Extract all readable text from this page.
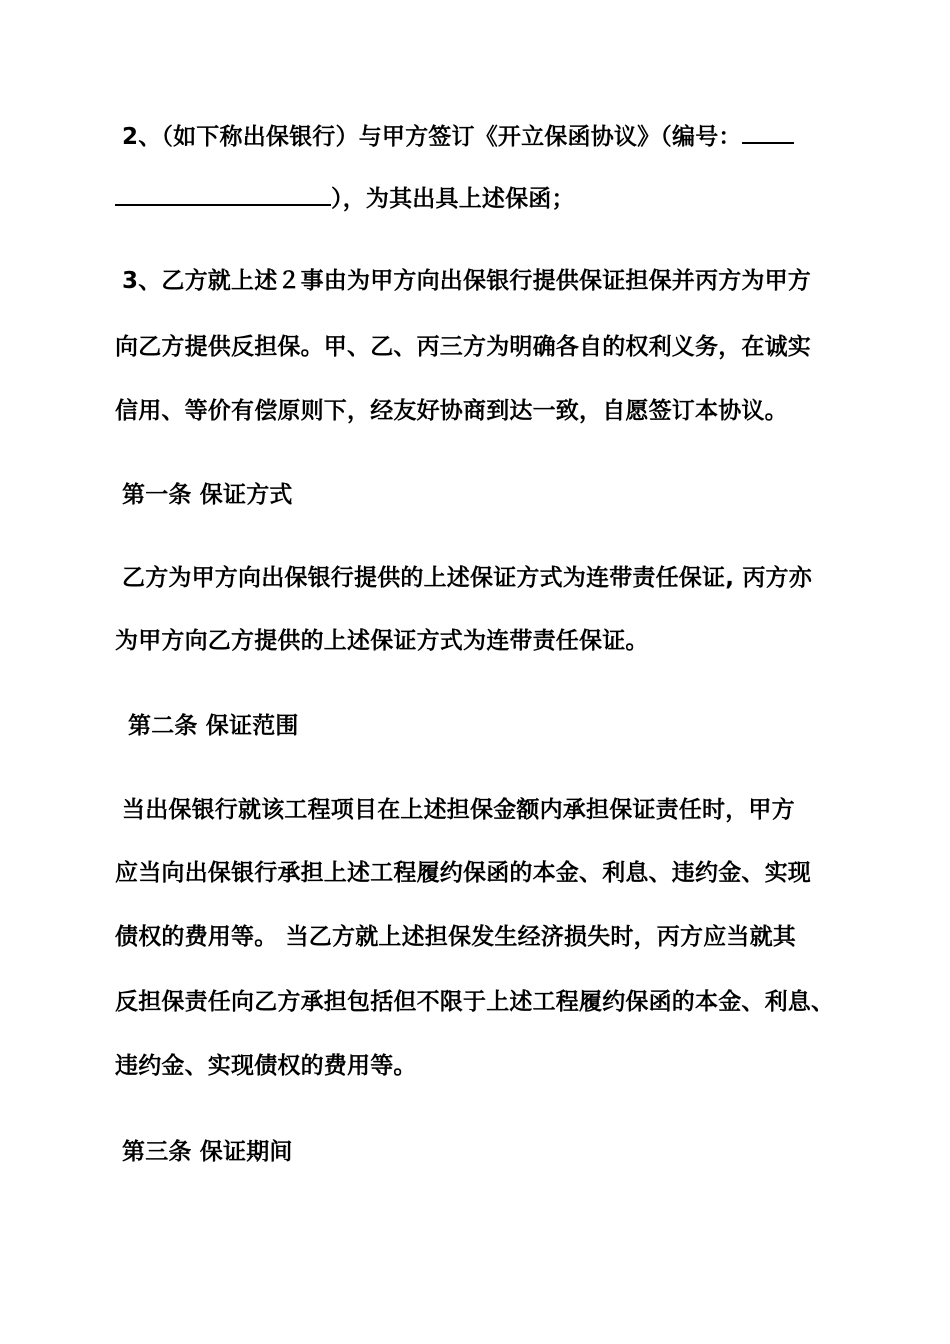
2、（如下称出保银行）与甲方签订《开立保函协议》（编号：
），为其出具上述保函；
3、乙方就上述２事由为甲方向出保银行提供保证担保并丙方为甲方
向乙方提供反担保。甲、乙、丙三方为明确各自的权利义务，在诚实
信用、等价有偿原则下，经友好协商到达一致，自愿签订本协议。
第一条 保证方式
乙方为甲方向出保银行提供的上述保证方式为连带责任保证, 丙方亦
为甲方向乙方提供的上述保证方式为连带责任保证。
第二条 保证范围
当出保银行就该工程项目在上述担保金额内承担保证责任时，甲方
应当向出保银行承担上述工程履约保函的本金、利息、违约金、实现
债权的费用等。 当乙方就上述担保发生经济损失时，丙方应当就其
反担保责任向乙方承担包括但不限于上述工程履约保函的本金、利息、
违约金、实现债权的费用等。
第三条 保证期间
